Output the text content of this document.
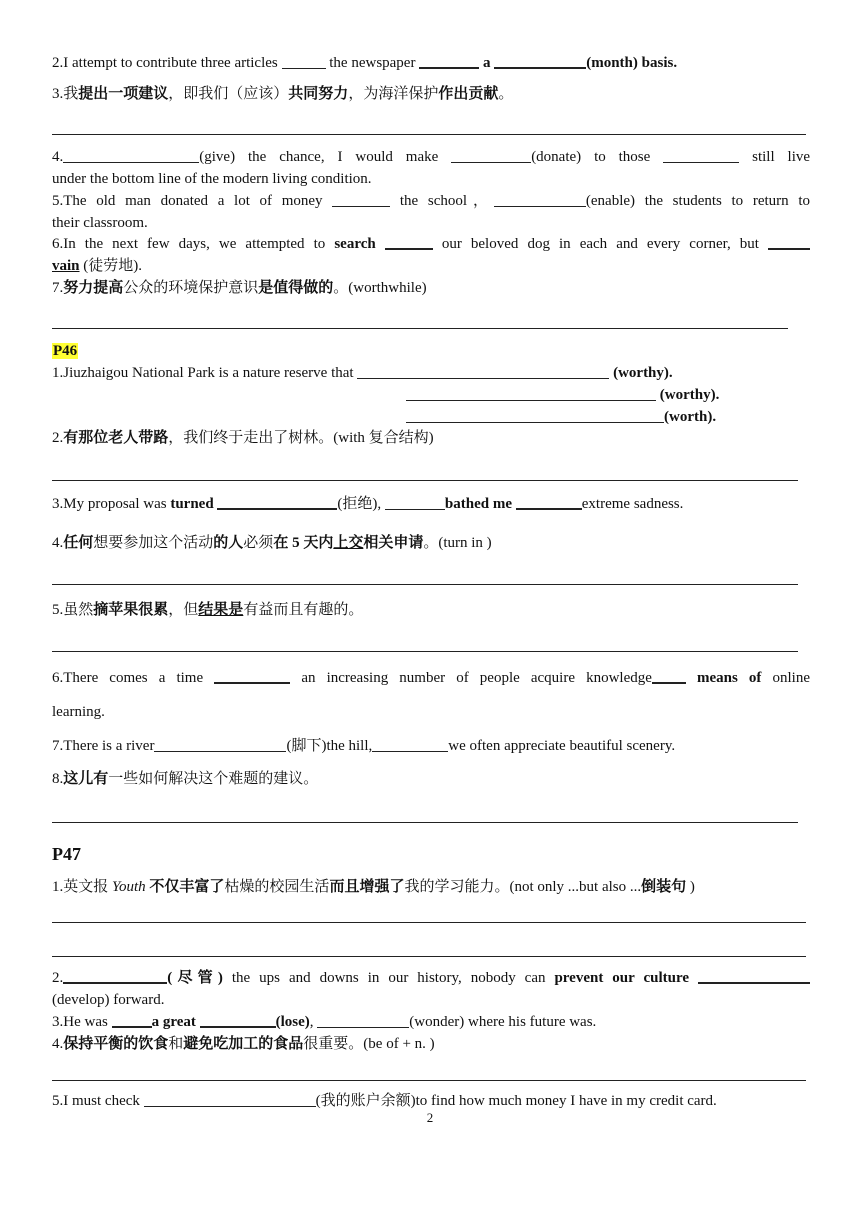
2.I attempt to contribute three articles	the newspaper	a	(month) basis.
3.我提出一项建议，即我们（应该）共同努力，为海洋保护作出贡献。
4.	(give) the chance, I would make	(donate) to those	still live
under the bottom line of the modern living condition.
5.The old man donated a lot of money	the school，	(enable) the students to return to
their classroom.
6.In the next few days, we attempted to search	our beloved dog in each and every corner, but
vain (徒劳地).
7.努力提高公众的环境保护意识是值得做的。(worthwhile)
P46
1.Jiuzhaigou National Park is a nature reserve that	(worthy).
(worthy).
(worth).
2.有那位老人带路，我们终于走出了树林。(with 复合结构)
3.My proposal was turned	(拒绝),	bathed me	extreme sadness.
4.任何想要参加这个活动的人必须在 5 天内上交相关申请。(turn in )
5.虽然摘苹果很累，但结果是有益而且有趣的。
6.There comes a time	an increasing number of people acquire knowledge	means of online
learning.
7.There is a river	(脚下)the hill,	we often appreciate beautiful scenery.
8.这儿有一些如何解决这个难题的建议。
P47
1.英文报 Youth 不仅丰富了枯燥的校园生活而且增强了我的学习能力。(not only ...but also ...倒装句 )
2.	(尽管) the ups and downs in our history, nobody can prevent our culture
(develop) forward.
3.He was	a great	(lose),	(wonder) where his future was.
4.保持平衡的饮食和避免吃加工的食品很重要。(be of + n. )
5.I must check	(我的账户余额)to find how much money I have in my credit card.
2
